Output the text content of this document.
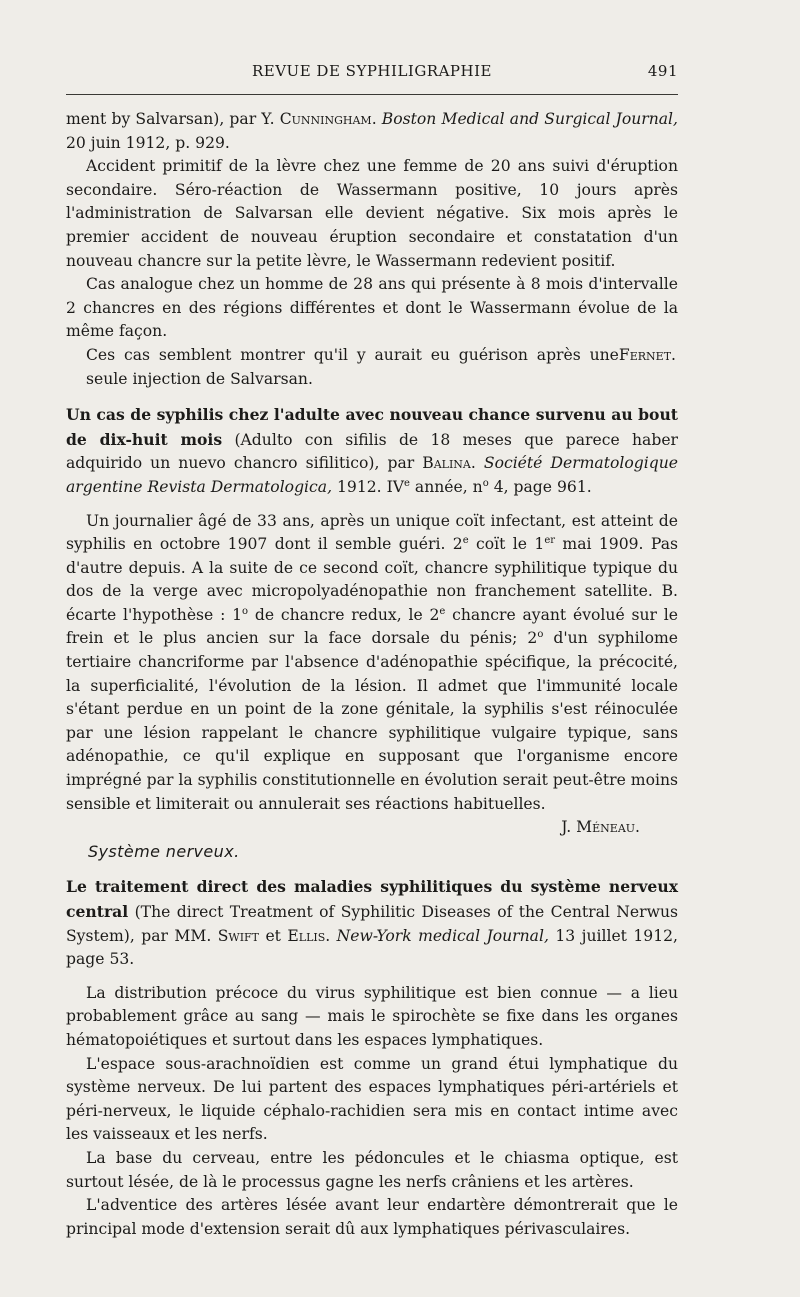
REVUE DE SYPHILIGRAPHIE	491

ment by Salvarsan), par Y. Cunningham. Boston Medical and Surgical Journal, 20 juin 1912, p. 929.

Accident primitif de la lèvre chez une femme de 20 ans suivi d'éruption secondaire. Séro-réaction de Wassermann positive, 10 jours après l'administration de Salvarsan elle devient négative. Six mois après le premier accident de nouveau éruption secondaire et constatation d'un nouveau chancre sur la petite lèvre, le Wassermann redevient positif.

Cas analogue chez un homme de 28 ans qui présente à 8 mois d'intervalle 2 chancres en des régions différentes et dont le Wassermann évolue de la même façon.

Ces cas semblent montrer qu'il y aurait eu guérison après une seule injection de Salvarsan.
Fernet.

Un cas de syphilis chez l'adulte avec nouveau chance survenu au bout de dix-huit mois (Adulto con sifilis de 18 meses que parece haber adquirido un nuevo chancro sifilitico), par Balina. Société Dermatologique argentine Revista Dermatologica, 1912. IVe année, $n^o$ 4, page 961.

Un journalier âgé de 33 ans, après un unique coït infectant, est atteint de syphilis en octobre 1907 dont il semble guéri. 2e coït le 1er mai 1909. Pas d'autre depuis. A la suite de ce second coït, chancre syphilitique typique du dos de la verge avec micropolyadénopathie non franchement satellite. B. écarte l'hypothèse : 1$^o$ de chancre redux, le 2e chancre ayant évolué sur le frein et le plus ancien sur la face dorsale du pénis; 2$^o$ d'un syphilome tertiaire chancriforme par l'absence d'adénopathie spécifique, la précocité, la superficialité, l'évolution de la lésion. Il admet que l'immunité locale s'étant perdue en un point de la zone génitale, la syphilis s'est réinoculée par une lésion rappelant le chancre syphilitique vulgaire typique, sans adénopathie, ce qu'il explique en supposant que l'organisme encore imprégné par la syphilis constitutionnelle en évolution serait peut-être moins sensible et limiterait ou annulerait ses réactions habituelles.

J. Méneau.

Système nerveux.

Le traitement direct des maladies syphilitiques du système nerveux central (The direct Treatment of Syphilitic Diseases of the Central Nerwus System), par MM. Swift et Ellis. New-York medical Journal, 13 juillet 1912, page 53.

La distribution précoce du virus syphilitique est bien connue — a lieu probablement grâce au sang — mais le spirochète se fixe dans les organes hématopoiétiques et surtout dans les espaces lymphatiques.

L'espace sous-arachnoïdien est comme un grand étui lymphatique du système nerveux. De lui partent des espaces lymphatiques péri-artériels et péri-nerveux, le liquide céphalo-rachidien sera mis en contact intime avec les vaisseaux et les nerfs.

La base du cerveau, entre les pédoncules et le chiasma optique, est surtout lésée, de là le processus gagne les nerfs crâniens et les artères.

L'adventice des artères lésée avant leur endartère démontrerait que le principal mode d'extension serait dû aux lymphatiques périvasculaires.
